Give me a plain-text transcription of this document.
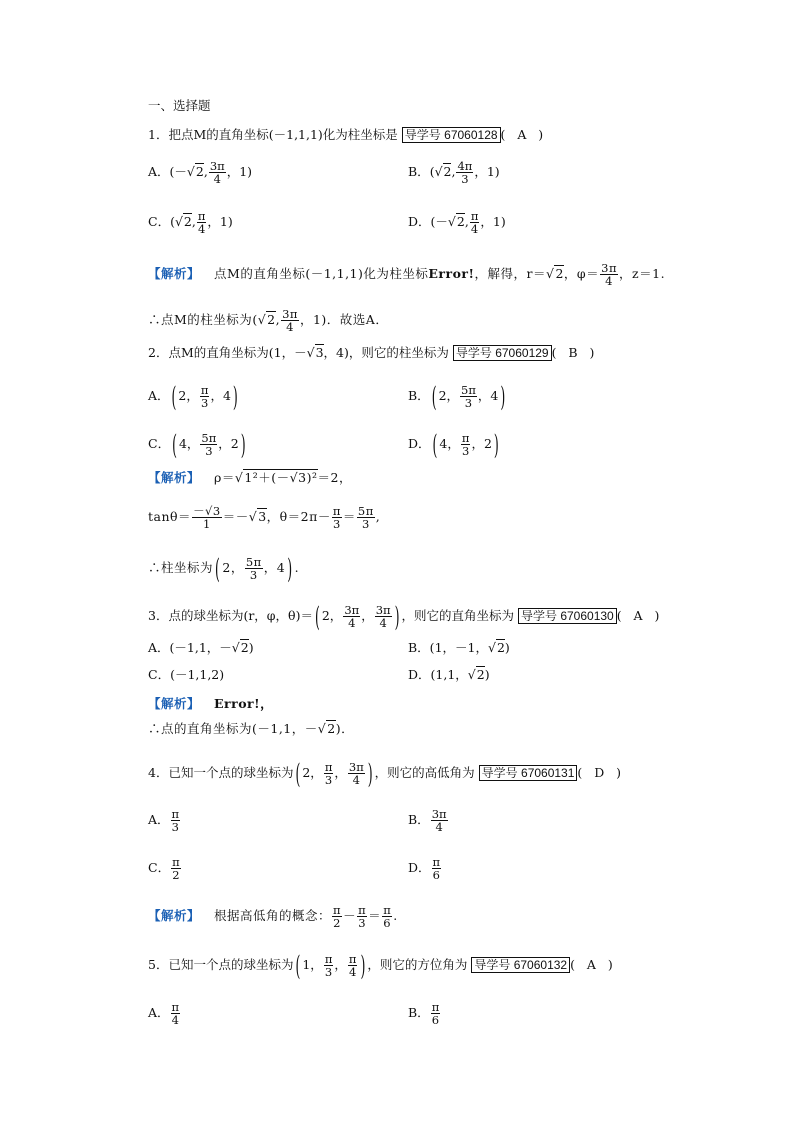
一、选择题
1．把点M的直角坐标(－1,1,1)化为柱坐标是 导学号 67060128 (   A   )
A．(－√2, $\frac{3\pi}{4}$ ，1)	B．(√2, $\frac{4\pi}{3}$ ，1)
C．(√2, $\frac{\pi}{4}$ ，1)	D．(－√2, $\frac{\pi}{4}$ ，1)
【解析】 点M的直角坐标(－1,1,1)化为柱坐标Error!，解得，r＝√2，$\varphi= \frac{3\pi}{4}$ ，z＝1.
∴点M的柱坐标为(√2, $\frac{3\pi}{4}$ ，1)．故选A．
2．点M的直角坐标为(1，－√3，4)，则它的柱坐标为 导学号 67060129 (   B   )
A． ( 2， $\frac{\pi}{3}$ ，4 )	B． ( 2， $\frac{5\pi}{3}$ ，4 )
C． ( 4， $\frac{5\pi}{3}$ ，2 )	D． ( 4， $\frac{\pi}{3}$ ，2 )
【解析】 ρ＝√1²＋(－√3)²＝2，
$\tan\theta= \frac{-√3}{1} =-√3$，$\theta=2\pi- \frac{\pi}{3} = \frac{5\pi}{3}$ ,
∴柱坐标为 ( 2， $\frac{5\pi}{3}$ ，4 ) .
3．点的球坐标为(r，φ，θ)＝ ( 2， $\frac{3\pi}{4}$ ， $\frac{3\pi}{4}$ ) ，则它的直角坐标为 导学号 67060130 (   A   )
A．(－1,1，－√2)	B．(1，－1，√2)
C．(－1,1,2)	D．(1,1，√2)
【解析】 Error!，
∴点的直角坐标为(－1,1，－√2)．
4．已知一个点的球坐标为 ( 2， $\frac{\pi}{3}$ ， $\frac{3\pi}{4}$ ) ，则它的高低角为 导学号 67060131 (   D   )
A． $\frac{\pi}{3}$	B． $\frac{3\pi}{4}$
C． $\frac{\pi}{2}$	D． $\frac{\pi}{6}$
【解析】 根据高低角的概念： $\frac{\pi}{2} - \frac{\pi}{3} = \frac{\pi}{6}$ .
5．已知一个点的球坐标为 ( 1， $\frac{\pi}{3}$ ， $\frac{\pi}{4}$ ) ，则它的方位角为 导学号 67060132 (   A   )
A． $\frac{\pi}{4}$	B． $\frac{\pi}{6}$
